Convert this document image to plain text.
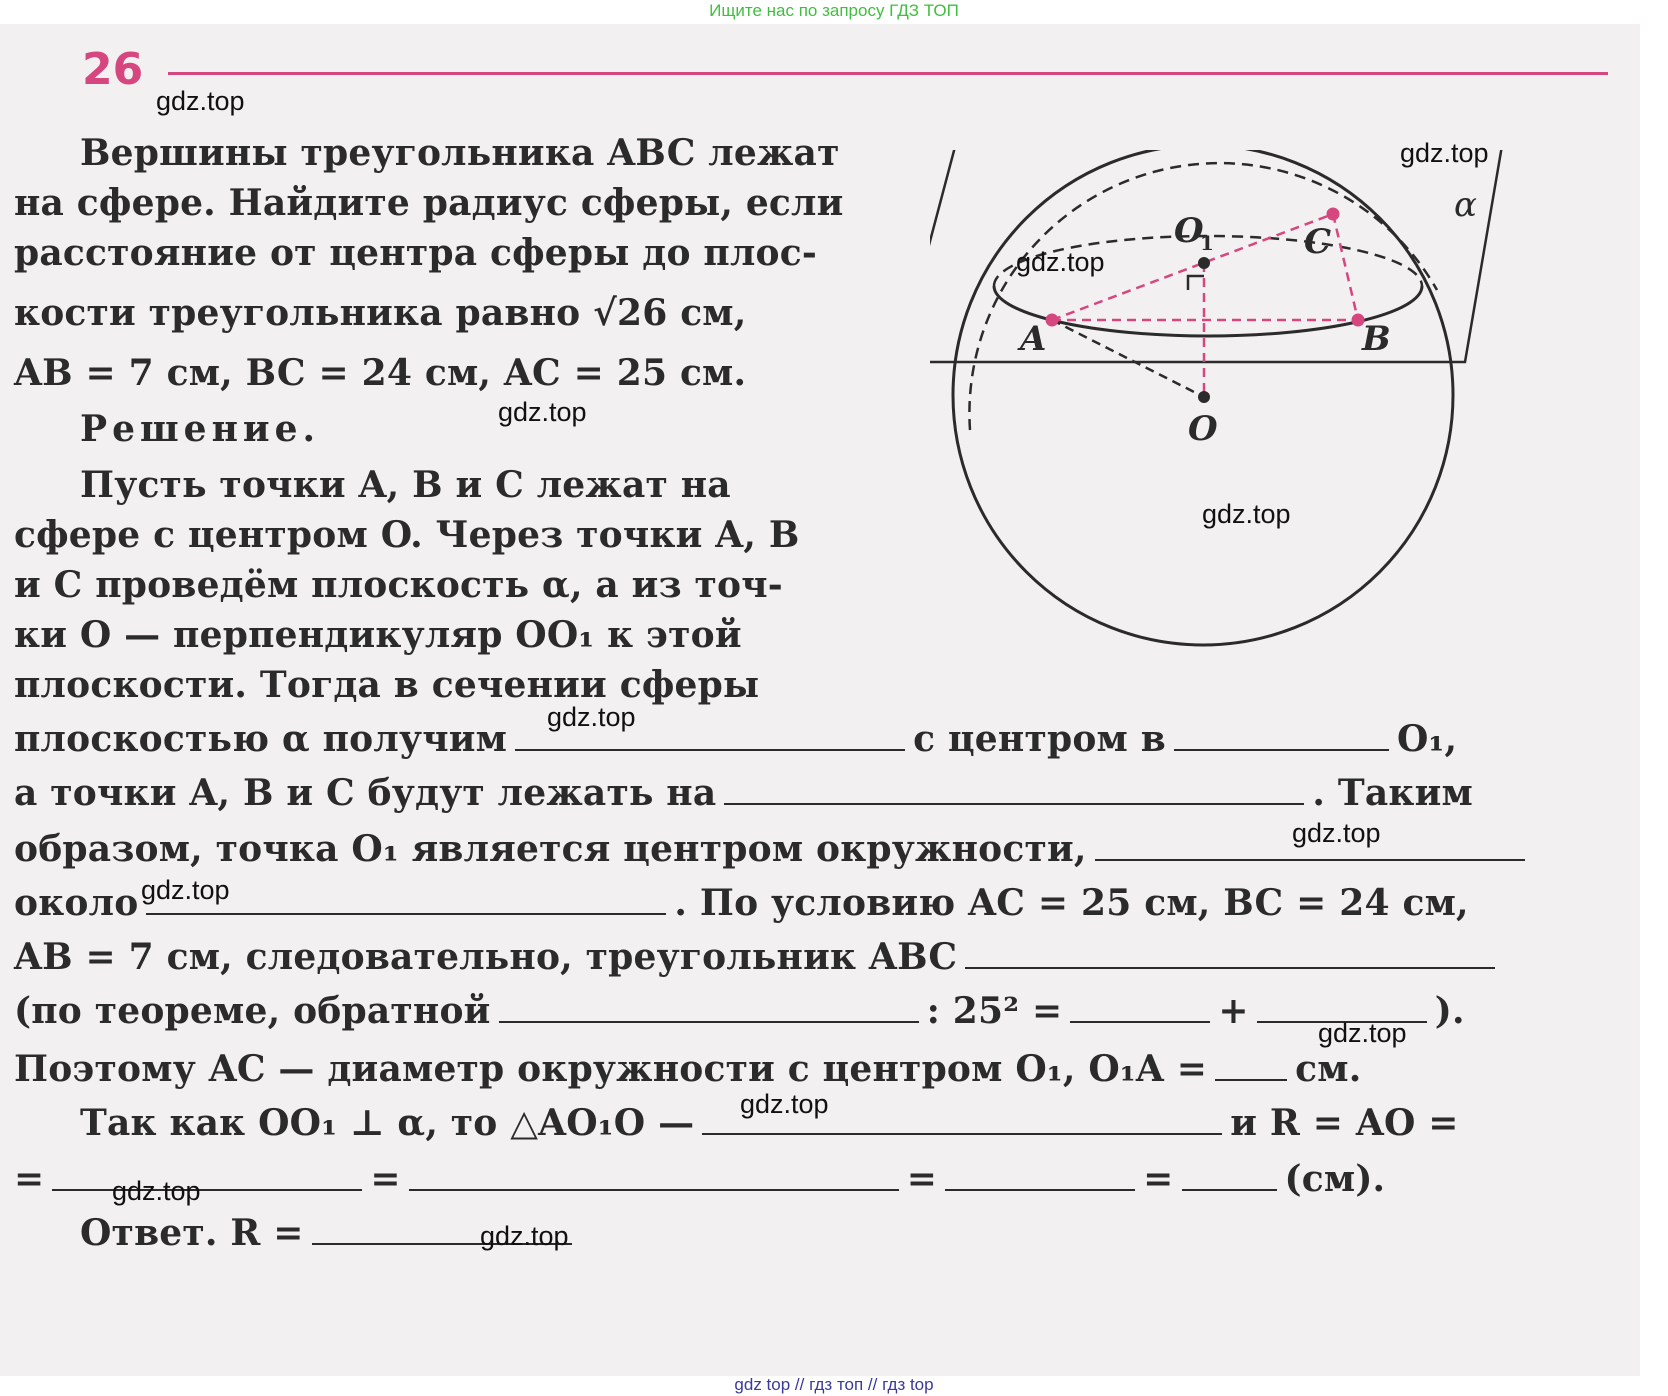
Ищите нас по запросу ГДЗ ТОП
26
Вершины треугольника ABC лежат
на сфере. Найдите радиус сферы, если
расстояние от центра сферы до плос-
кости треугольника равно √26 см,
AB = 7 см, BC = 24 см, AC = 25 см.
Решение.
Пусть точки A, B и C лежат на
сфере с центром O. Через точки A, B
и C проведём плоскость α, а из точ-
ки O — перпендикуляр OO₁ к этой
плоскости. Тогда в сечении сферы
плоскостью α получим	с центром в	O₁,
а точки A, B и C будут лежать на	. Таким
образом, точка O₁ является центром окружности,
около	. По условию AC = 25 см, BC = 24 см,
AB = 7 см, следовательно, треугольник ABC
(по теореме, обратной	: 25² =	+	).
Поэтому AC — диаметр окружности с центром O₁, O₁A = см.
Так как OO₁ ⊥ α, то △AO₁O —	и R = AO =
=	=	=	=	(см).
Ответ. R =
α
O
1	C
A	B
O
gdz.top
gdz.top
gdz.top
gdz.top
gdz.top
gdz.top
gdz.top
gdz.top
gdz.top
gdz.top
gdz.top
gdz.top
gdz top // гдз топ // гдз top
